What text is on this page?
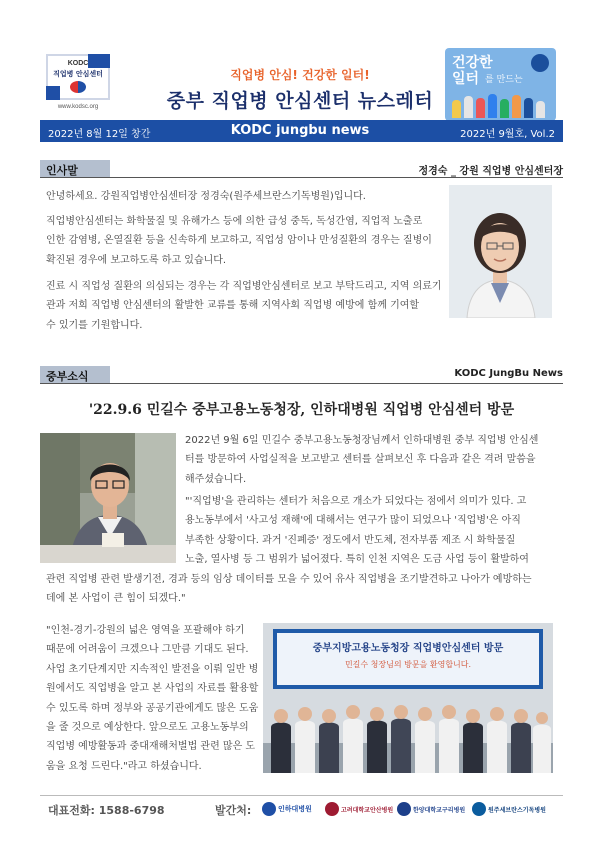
KODC
직업병 안심센터
www.kodsc.org
직업병 안심! 건강한 일터!
중부 직업병 안심센터 뉴스레터
건강한
일터 를 만드는
2022년 8월 12일 창간	KODC jungbu news	2022년 9월호, Vol.2
인사말	정경숙 _ 강원 직업병 안심센터장
안녕하세요. 강원직업병안심센터장 정경숙(원주세브란스기독병원)입니다.
직업병안심센터는 화학물질 및 유해가스 등에 의한 급성 중독, 독성간염, 직업적 노출로
인한 감염병, 온열질환 등을 신속하게 보고하고, 직업성 암이나 만성질환의 경우는 질병이
확진된 경우에 보고하도록 하고 있습니다.
진료 시 직업성 질환의 의심되는 경우는 각 직업병안심센터로 보고 부탁드리고, 지역 의료기
관과 저희 직업병 안심센터의 활발한 교류를 통해 지역사회 직업병 예방에 함께 기여할
수 있기를 기원합니다.
중부소식	KODC JungBu News
'22.9.6 민길수 중부고용노동청장, 인하대병원 직업병 안심센터 방문
2022년 9월 6일 민길수 중부고용노동청장님께서 인하대병원 중부 직업병 안심센
터를 방문하여 사업실적을 보고받고 센터를 살펴보신 후 다음과 같은 격려 말씀을
해주셨습니다.
"'직업병'을 관리하는 센터가 처음으로 개소가 되었다는 점에서 의미가 있다. 고
용노동부에서 '사고성 재해'에 대해서는 연구가 많이 되었으나 '직업병'은 아직
부족한 상황이다. 과거 '진폐증' 정도에서 반도체, 전자부품 제조 시 화학물질
노출, 열사병 등 그 범위가 넓어졌다. 특히 인천 지역은 도금 사업 등이 활발하여
관련 직업병 관련 발생기전, 경과 등의 임상 데이터를 모을 수 있어 유사 직업병을 조기발견하고 나아가 예방하는
데에 본 사업이 큰 힘이 되겠다."
"인천-경기-강원의 넓은 영역을 포괄해야 하기
때문에 어려움이 크겠으나 그만큼 기대도 된다.
사업 초기단계지만 지속적인 발전을 이뤄 일반 병
원에서도 직업병을 알고 본 사업의 자료를 활용할
수 있도록 하며 정부와 공공기관에게도 많은 도움
을 줄 것으로 예상한다. 앞으로도 고용노동부의
직업병 예방활동과 중대재해처벌법 관련 많은 도
움을 요청 드린다."라고 하셨습니다.
중부지방고용노동청장 직업병안심센터 방문
민길수 청장님의 방문을 환영합니다.
대표전화: 1588-6798	발간처:	인하대병원	고려대학교안산병원	한양대학교구리병원	원주세브란스기독병원
